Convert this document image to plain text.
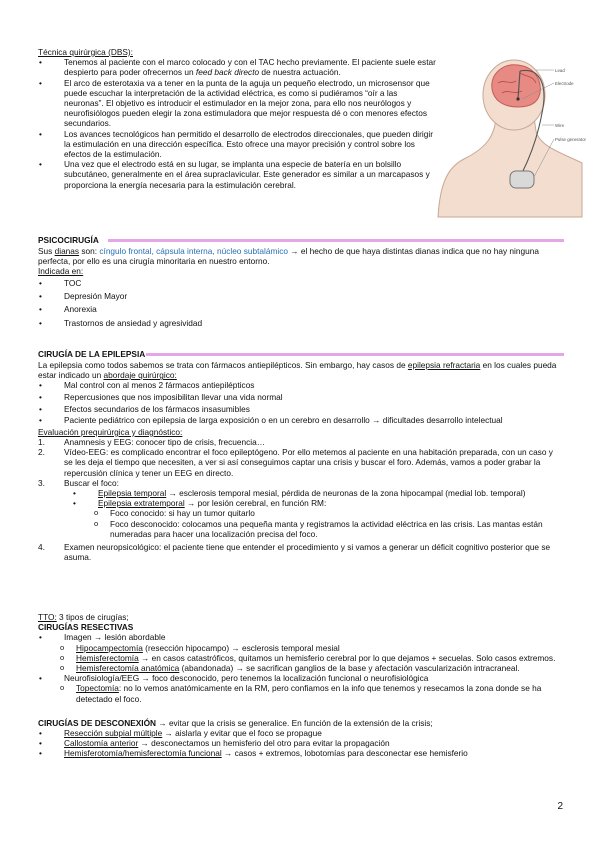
Técnica quirúrgica (DBS):
• Tenemos al paciente con el marco colocado y con el TAC hecho previamente. El paciente suele estar despierto para poder ofrecernos un feed back directo de nuestra actuación.
• El arco de esterotaxia va a tener en la punta de la aguja un pequeño electrodo, un microsensor que puede escuchar la interpretación de la actividad eléctrica, es como si pudiéramos “oír a las neuronas”. El objetivo es introducir el estimulador en la mejor zona, para ello nos neurólogos y neurofisiólogos pueden elegir la zona estimuladora que mejor respuesta dé o con menores efectos secundarios.
• Los avances tecnológicos han permitido el desarrollo de electrodos direccionales, que pueden dirigir la estimulación en una dirección específica. Esto ofrece una mayor precisión y control sobre los efectos de la estimulación.
• Una vez que el electrodo está en su lugar, se implanta una especie de batería en un bolsillo subcutáneo, generalmente en el área supraclavicular. Este generador es similar a un marcapasos y proporciona la energía necesaria para la estimulación cerebral.
Lead
Electrode
Wire
Pulse generator
PSICOCIRUGÍA
Sus dianas son: cíngulo frontal, cápsula interna, núcleo subtalámico → el hecho de que haya distintas dianas indica que no hay ninguna perfecta, por ello es una cirugía minoritaria en nuestro entorno.
Indicada en:
• TOC
• Depresión Mayor
• Anorexia
• Trastornos de ansiedad y agresividad
CIRUGÍA DE LA EPILEPSIA
La epilepsia como todos sabemos se trata con fármacos antiepilépticos. Sin embargo, hay casos de epilepsia refractaria en los cuales pueda estar indicado un abordaje quirúrgico:
• Mal control con al menos 2 fármacos antiepilépticos
• Repercusiones que nos imposibilitan llevar una vida normal
• Efectos secundarios de los fármacos insasumibles
• Paciente pediátrico con epilepsia de larga exposición o en un cerebro en desarrollo → dificultades desarrollo intelectual
Evaluación prequirúrgica y diagnóstico:
1. Anamnesis y EEG: conocer tipo de crisis, frecuencia…
2. Vídeo-EEG: es complicado encontrar el foco epileptógeno. Por ello metemos al paciente en una habitación preparada, con un caso y se les deja el tiempo que necesiten, a ver si así conseguimos captar una crisis y buscar el foro. Además, vamos a poder grabar la repercusión clínica y tener un EEG en directo.
3. Buscar el foco:
• Epilepsia temporal → esclerosis temporal mesial, pérdida de neuronas de la zona hipocampal (medial lob. temporal)
• Epilepsia extratemporal → por lesión cerebral, en función RM:
o Foco conocido: si hay un tumor quitarlo
o Foco desconocido: colocamos una pequeña manta y registramos la actividad eléctrica en las crisis. Las mantas están numeradas para hacer una localización precisa del foco.
4. Examen neuropsicológico: el paciente tiene que entender el procedimiento y si vamos a generar un déficit cognitivo posterior que se asuma.
TTO: 3 tipos de cirugías;
CIRUGÍAS RESECTIVAS
• Imagen → lesión abordable
o Hipocampectomía (resección hipocampo) → esclerosis temporal mesial
o Hemisferectomía → en casos catastróficos, quitamos un hemisferio cerebral por lo que dejamos + secuelas. Solo casos extremos.
o Hemisferectomía anatómica (abandonada) → se sacrifican ganglios de la base y afectación vascularización intracraneal.
• Neurofisiología/EEG → foco desconocido, pero tenemos la localización funcional o neurofisiológica
o Topectomía: no lo vemos anatómicamente en la RM, pero confiamos en la info que tenemos y resecamos la zona donde se ha detectado el foco.
CIRUGÍAS DE DESCONEXIÓN → evitar que la crisis se generalice. En función de la extensión de la crisis;
• Resección subpial múltiple → aislarla y evitar que el foco se propague
• Callostomía anterior → desconectamos un hemisferio del otro para evitar la propagación
• Hemisferotomía/hemisferectomía funcional → casos + extremos, lobotomías para desconectar ese hemisferio
2
